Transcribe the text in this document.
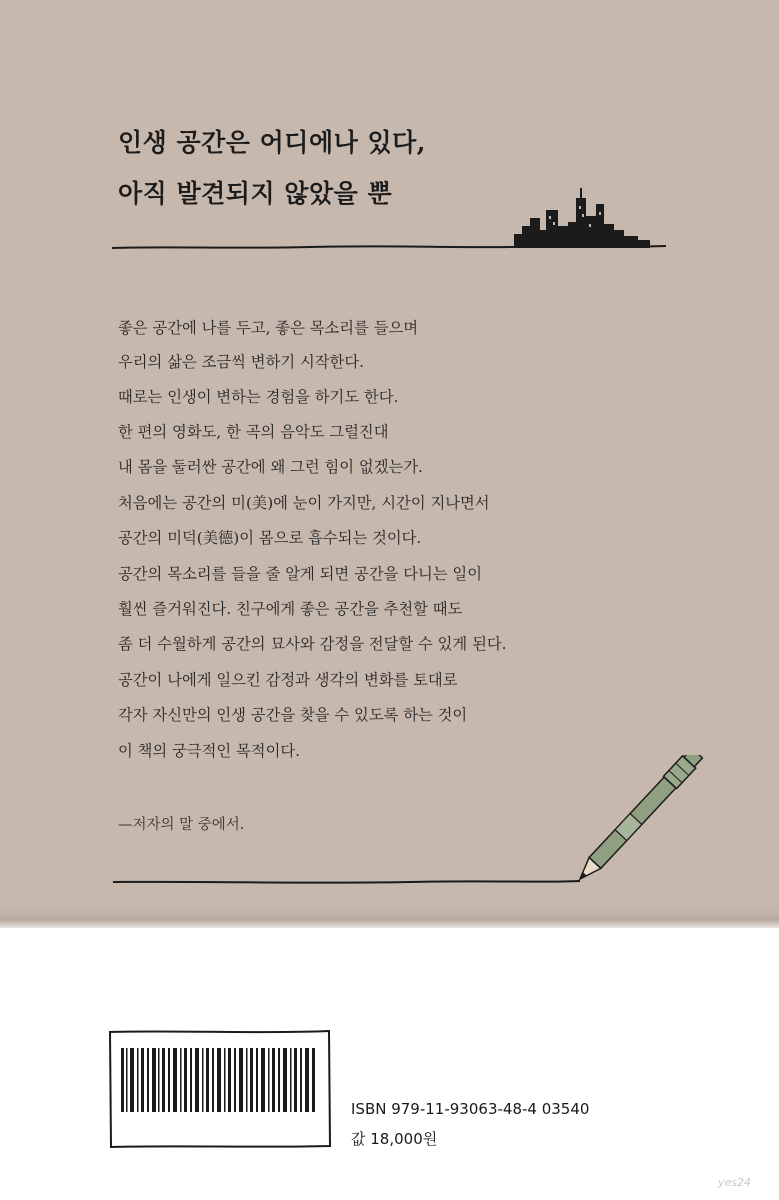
인생 공간은 어디에나 있다,
아직 발견되지 않았을 뿐
좋은 공간에 나를 두고, 좋은 목소리를 들으며
우리의 삶은 조금씩 변하기 시작한다.
때로는 인생이 변하는 경험을 하기도 한다.
한 편의 영화도, 한 곡의 음악도 그럴진대
내 몸을 둘러싼 공간에 왜 그런 힘이 없겠는가.
처음에는 공간의 미(美)에 눈이 가지만, 시간이 지나면서
공간의 미덕(美德)이 몸으로 흡수되는 것이다.
공간의 목소리를 들을 줄 알게 되면 공간을 다니는 일이
훨씬 즐거워진다. 친구에게 좋은 공간을 추천할 때도
좀 더 수월하게 공간의 묘사와 감정을 전달할 수 있게 된다.
공간이 나에게 일으킨 감정과 생각의 변화를 토대로
각자 자신만의 인생 공간을 찾을 수 있도록 하는 것이
이 책의 궁극적인 목적이다.
—저자의 말 중에서.
ISBN 979-11-93063-48-4 03540
값 18,000원
yes24
